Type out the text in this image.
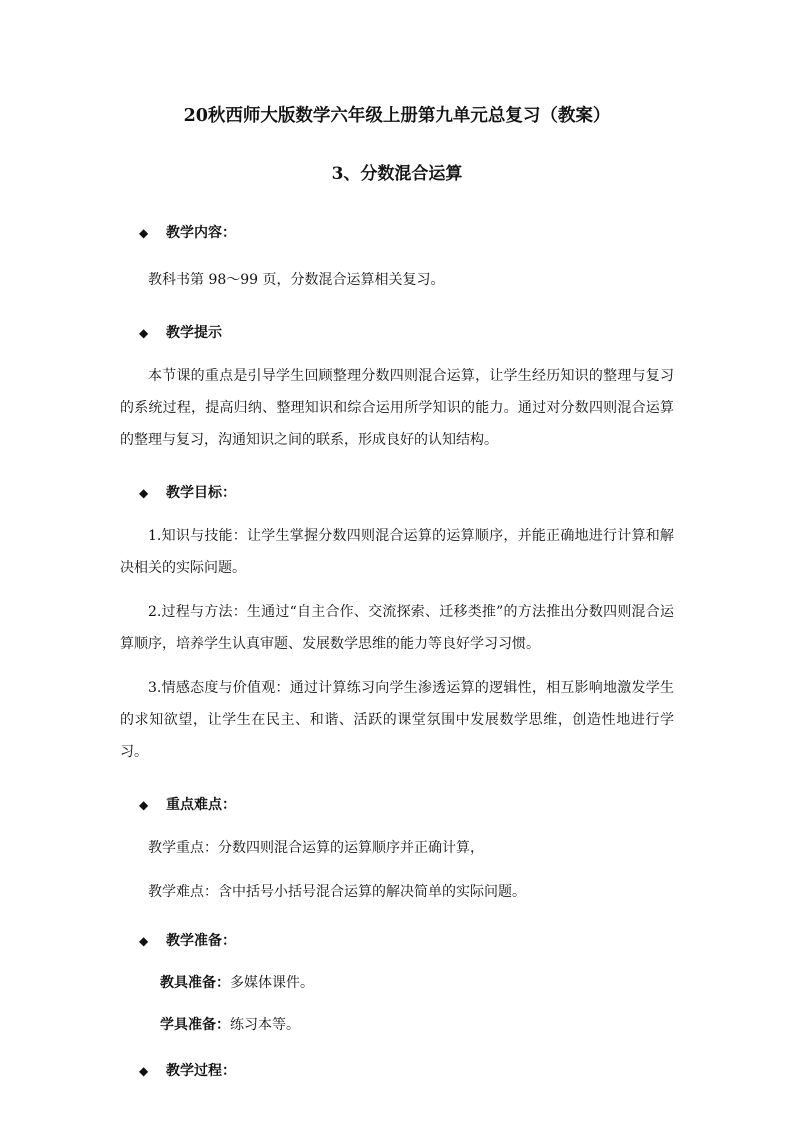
20秋西师大版数学六年级上册第九单元总复习（教案）
3、分数混合运算
◆ 教学内容：

教科书第 98～99 页，分数混合运算相关复习。

◆ 教学提示

本节课的重点是引导学生回顾整理分数四则混合运算，让学生经历知识的整理与复习的系统过程，提高归纳、整理知识和综合运用所学知识的能力。通过对分数四则混合运算的整理与复习，沟通知识之间的联系，形成良好的认知结构。

◆ 教学目标：

1.知识与技能：让学生掌握分数四则混合运算的运算顺序，并能正确地进行计算和解决相关的实际问题。

2.过程与方法：生通过“自主合作、交流探索、迁移类推”的方法推出分数四则混合运算顺序，培养学生认真审题、发展数学思维的能力等良好学习习惯。

3.情感态度与价值观：通过计算练习向学生渗透运算的逻辑性，相互影响地激发学生的求知欲望，让学生在民主、和谐、活跃的课堂氛围中发展数学思维，创造性地进行学习。

◆ 重点难点：

教学重点：分数四则混合运算的运算顺序并正确计算，

教学难点：含中括号小括号混合运算的解决简单的实际问题。

◆ 教学准备：
教具准备：多媒体课件。
学具准备：练习本等。
◆ 教学过程：
